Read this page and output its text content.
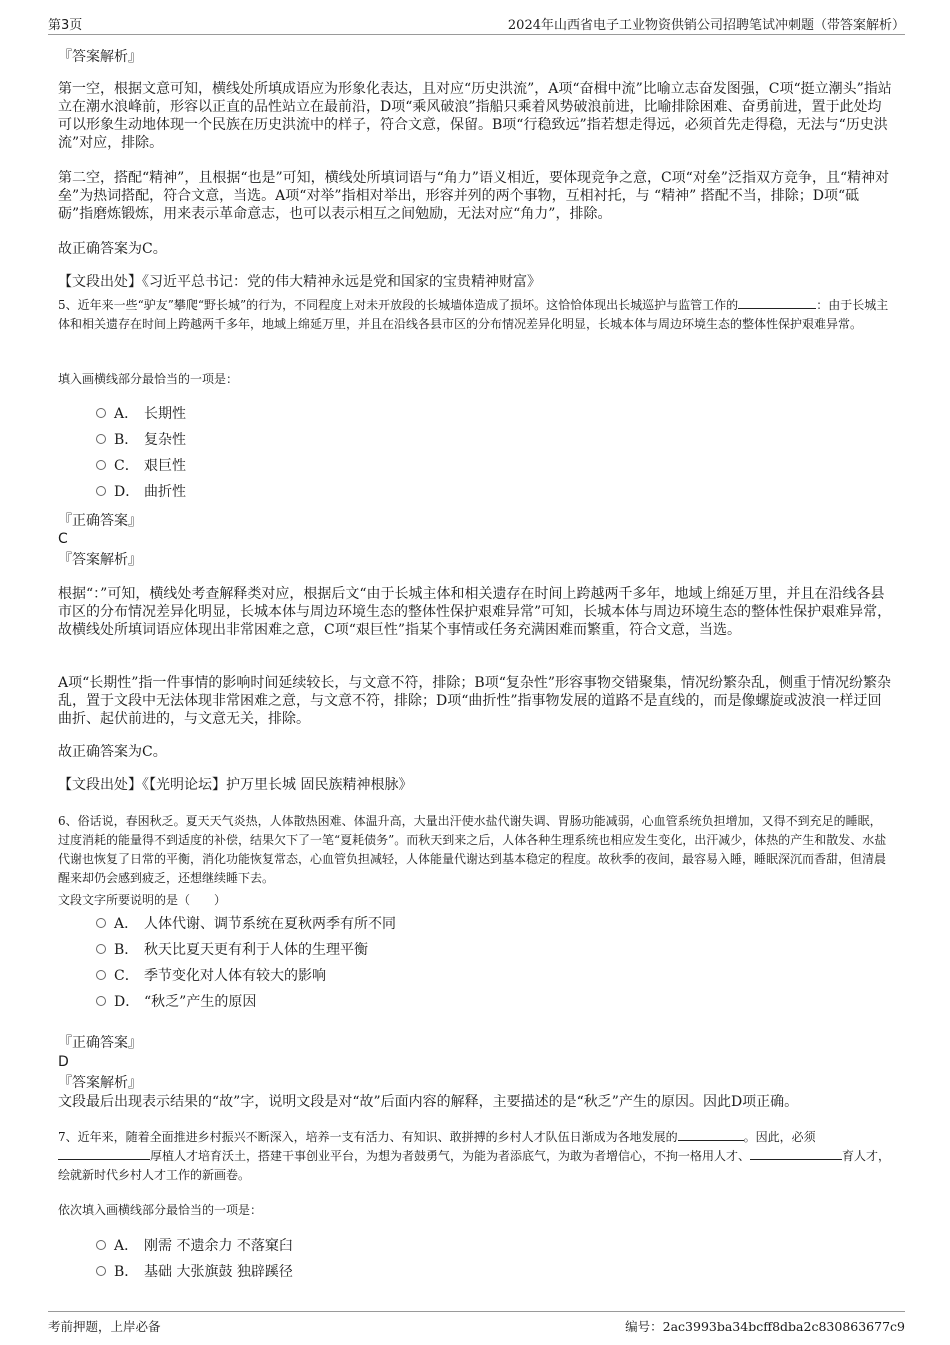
第3页	2024年山西省电子工业物资供销公司招聘笔试冲刺题（带答案解析）
『答案解析』
第一空，根据文意可知，横线处所填成语应为形象化表达，且对应“历史洪流”，A项“奋楫中流”比喻立志奋发图强，C项“挺立潮头”指站立在潮水浪峰前，形容以正直的品性站立在最前沿，D项“乘风破浪”指船只乘着风势破浪前进，比喻排除困难、奋勇前进，置于此处均可以形象生动地体现一个民族在历史洪流中的样子，符合文意，保留。B项“行稳致远”指若想走得远，必须首先走得稳，无法与“历史洪流”对应，排除。
第二空，搭配“精神”，且根据“也是”可知，横线处所填词语与“角力”语义相近，要体现竞争之意，C项“对垒”泛指双方竞争，且“精神对垒”为热词搭配，符合文意，当选。A项“对举”指相对举出，形容并列的两个事物，互相衬托，与 “精神” 搭配不当，排除；D项“砥砺”指磨炼锻炼，用来表示革命意志，也可以表示相互之间勉励，无法对应“角力”，排除。
故正确答案为C。
【文段出处】《习近平总书记：党的伟大精神永远是党和国家的宝贵精神财富》
5、近年来一些“驴友”攀爬“野长城”的行为，不同程度上对未开放段的长城墙体造成了损坏。这恰恰体现出长城巡护与监管工作的	：由于长城主体和相关遗存在时间上跨越两千多年，地域上绵延万里，并且在沿线各县市区的分布情况差异化明显，长城本体与周边环境生态的整体性保护艰难异常。
填入画横线部分最恰当的一项是：
A． 长期性
B． 复杂性
C． 艰巨性
D． 曲折性
『正确答案』
C
『答案解析』
根据“：”可知，横线处考查解释类对应，根据后文“由于长城主体和相关遗存在时间上跨越两千多年，地域上绵延万里，并且在沿线各县市区的分布情况差异化明显，长城本体与周边环境生态的整体性保护艰难异常”可知，长城本体与周边环境生态的整体性保护艰难异常，故横线处所填词语应体现出非常困难之意，C项“艰巨性”指某个事情或任务充满困难而繁重，符合文意，当选。
A项“长期性”指一件事情的影响时间延续较长，与文意不符，排除；B项“复杂性”形容事物交错聚集，情况纷繁杂乱，侧重于情况纷繁杂乱，置于文段中无法体现非常困难之意，与文意不符，排除；D项“曲折性”指事物发展的道路不是直线的，而是像螺旋或波浪一样迂回曲折、起伏前进的，与文意无关，排除。
故正确答案为C。
【文段出处】《【光明论坛】护万里长城 固民族精神根脉》
6、俗话说，春困秋乏。夏天天气炎热，人体散热困难、体温升高，大量出汗使水盐代谢失调、胃肠功能减弱，心血管系统负担增加，又得不到充足的睡眠，过度消耗的能量得不到适度的补偿，结果欠下了一笔“夏耗债务”。而秋天到来之后，人体各种生理系统也相应发生变化，出汗减少，体热的产生和散发、水盐代谢也恢复了日常的平衡，消化功能恢复常态，心血管负担减轻，人体能量代谢达到基本稳定的程度。故秋季的夜间，最容易入睡，睡眠深沉而香甜，但清晨醒来却仍会感到疲乏，还想继续睡下去。
文段文字所要说明的是（　　）
A． 人体代谢、调节系统在夏秋两季有所不同
B． 秋天比夏天更有利于人体的生理平衡
C． 季节变化对人体有较大的影响
D． “秋乏”产生的原因
『正确答案』
D
『答案解析』
文段最后出现表示结果的“故”字，说明文段是对“故”后面内容的解释，主要描述的是“秋乏”产生的原因。因此D项正确。
7、近年来，随着全面推进乡村振兴不断深入，培养一支有活力、有知识、敢拼搏的乡村人才队伍日渐成为各地发展的	。因此，必须厚植人才培育沃土，搭建干事创业平台，为想为者鼓勇气，为能为者添底气，为敢为者增信心，不拘一格用人才、	育人才，绘就新时代乡村人才工作的新画卷。
依次填入画横线部分最恰当的一项是：
A． 刚需 不遗余力 不落窠臼
B． 基础 大张旗鼓 独辟蹊径
考前押题，上岸必备	编号：2ac3993ba34bcff8dba2c830863677c9
